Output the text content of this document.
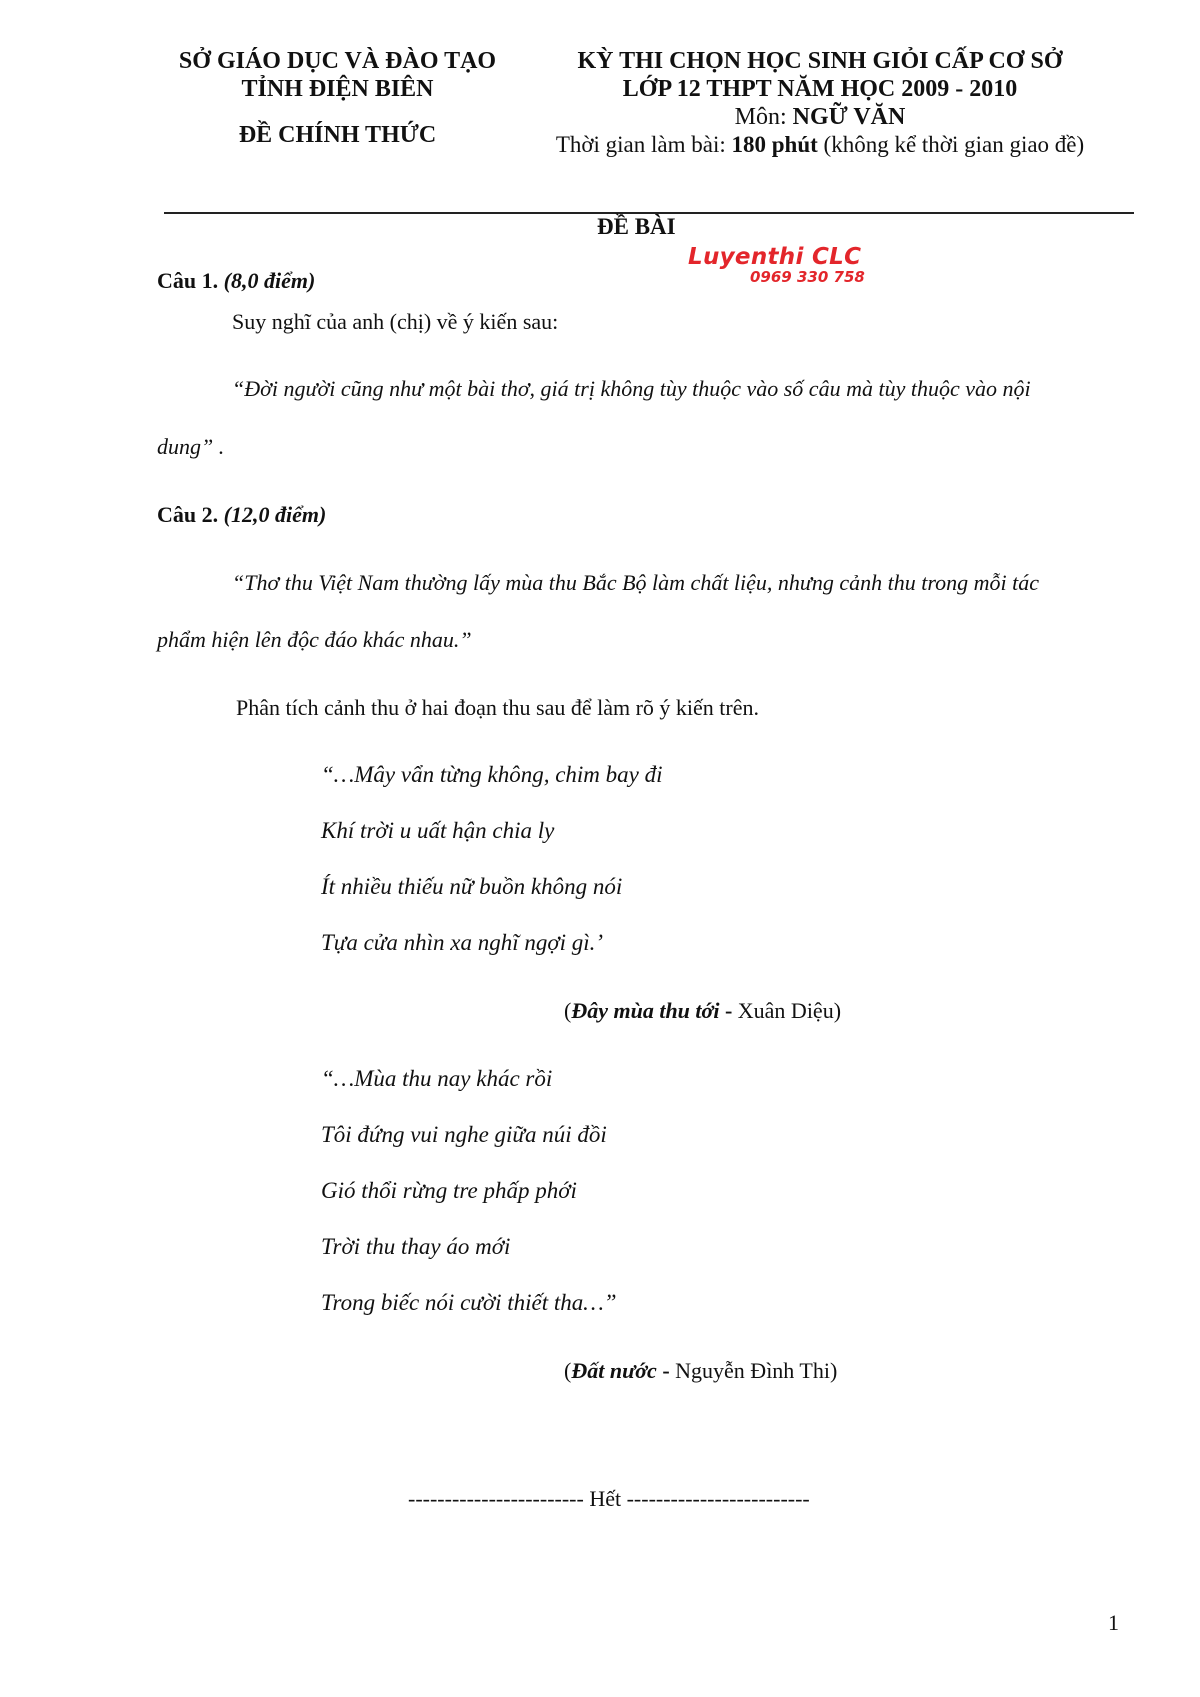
SỞ GIÁO DỤC VÀ ĐÀO TẠO
TỈNH ĐIỆN BIÊN
ĐỀ CHÍNH THỨC
KỲ THI CHỌN HỌC SINH GIỎI CẤP CƠ SỞ
LỚP 12 THPT NĂM HỌC 2009 - 2010
Môn: NGỮ VĂN
Thời gian làm bài: 180 phút (không kể thời gian giao đề)
ĐỀ BÀI
Luyenthi CLC
0969 330 758
Câu 1. (8,0 điểm)
Suy nghĩ của anh (chị) về ý kiến sau:
“Đời người cũng như một bài thơ, giá trị không tùy thuộc vào số câu mà tùy thuộc vào nội
dung” .
Câu 2. (12,0 điểm)
“Thơ thu Việt Nam thường lấy mùa thu Bắc Bộ làm chất liệu, nhưng cảnh thu trong mỗi tác
phẩm hiện lên độc đáo khác nhau.”
Phân tích cảnh thu ở hai đoạn thu sau để làm rõ ý kiến trên.
“…Mây vẩn từng không, chim bay đi
Khí trời u uất hận chia ly
Ít nhiều thiếu nữ buồn không nói
Tựa cửa nhìn xa nghĩ ngợi gì.’
(Đây mùa thu tới - Xuân Diệu)
“…Mùa thu nay khác rồi
Tôi đứng vui nghe giữa núi đồi
Gió thổi rừng tre phấp phới
Trời thu thay áo mới
Trong biếc nói cười thiết tha…”
(Đất nước - Nguyễn Đình Thi)
------------------------ Hết -------------------------
1
